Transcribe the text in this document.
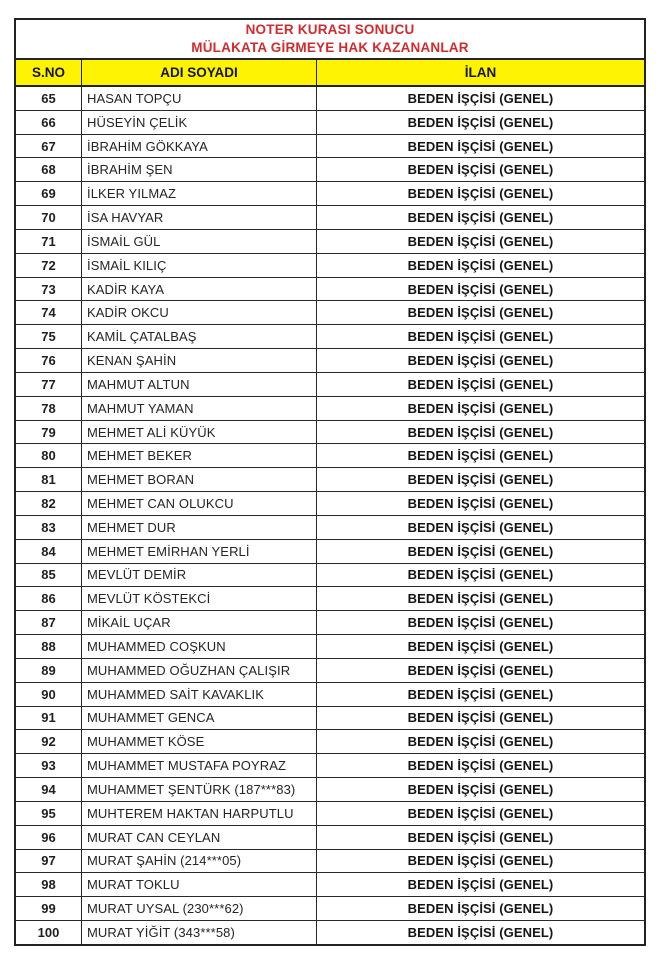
NOTER KURASI SONUCU
MÜLAKATA GİRMEYE HAK KAZANANLAR
S.NO	ADI SOYADI	İLAN
65	HASAN TOPÇU	BEDEN İŞÇİSİ (GENEL)
66	HÜSEYİN ÇELİK	BEDEN İŞÇİSİ (GENEL)
67	İBRAHİM GÖKKAYA	BEDEN İŞÇİSİ (GENEL)
68	İBRAHİM ŞEN	BEDEN İŞÇİSİ (GENEL)
69	İLKER YILMAZ	BEDEN İŞÇİSİ (GENEL)
70	İSA HAVYAR	BEDEN İŞÇİSİ (GENEL)
71	İSMAİL GÜL	BEDEN İŞÇİSİ (GENEL)
72	İSMAİL KILIÇ	BEDEN İŞÇİSİ (GENEL)
73	KADİR KAYA	BEDEN İŞÇİSİ (GENEL)
74	KADİR OKCU	BEDEN İŞÇİSİ (GENEL)
75	KAMİL ÇATALBAŞ	BEDEN İŞÇİSİ (GENEL)
76	KENAN ŞAHİN	BEDEN İŞÇİSİ (GENEL)
77	MAHMUT ALTUN	BEDEN İŞÇİSİ (GENEL)
78	MAHMUT YAMAN	BEDEN İŞÇİSİ (GENEL)
79	MEHMET ALİ KÜYÜK	BEDEN İŞÇİSİ (GENEL)
80	MEHMET BEKER	BEDEN İŞÇİSİ (GENEL)
81	MEHMET BORAN	BEDEN İŞÇİSİ (GENEL)
82	MEHMET CAN OLUKCU	BEDEN İŞÇİSİ (GENEL)
83	MEHMET DUR	BEDEN İŞÇİSİ (GENEL)
84	MEHMET EMİRHAN YERLİ	BEDEN İŞÇİSİ (GENEL)
85	MEVLÜT DEMİR	BEDEN İŞÇİSİ (GENEL)
86	MEVLÜT KÖSTEKCİ	BEDEN İŞÇİSİ (GENEL)
87	MİKAİL UÇAR	BEDEN İŞÇİSİ (GENEL)
88	MUHAMMED COŞKUN	BEDEN İŞÇİSİ (GENEL)
89	MUHAMMED OĞUZHAN ÇALIŞIR	BEDEN İŞÇİSİ (GENEL)
90	MUHAMMED SAİT KAVAKLIK	BEDEN İŞÇİSİ (GENEL)
91	MUHAMMET GENCA	BEDEN İŞÇİSİ (GENEL)
92	MUHAMMET KÖSE	BEDEN İŞÇİSİ (GENEL)
93	MUHAMMET MUSTAFA POYRAZ	BEDEN İŞÇİSİ (GENEL)
94	MUHAMMET ŞENTÜRK (187***83)	BEDEN İŞÇİSİ (GENEL)
95	MUHTEREM HAKTAN HARPUTLU	BEDEN İŞÇİSİ (GENEL)
96	MURAT CAN CEYLAN	BEDEN İŞÇİSİ (GENEL)
97	MURAT ŞAHİN (214***05)	BEDEN İŞÇİSİ (GENEL)
98	MURAT TOKLU	BEDEN İŞÇİSİ (GENEL)
99	MURAT UYSAL (230***62)	BEDEN İŞÇİSİ (GENEL)
100	MURAT YİĞİT (343***58)	BEDEN İŞÇİSİ (GENEL)
